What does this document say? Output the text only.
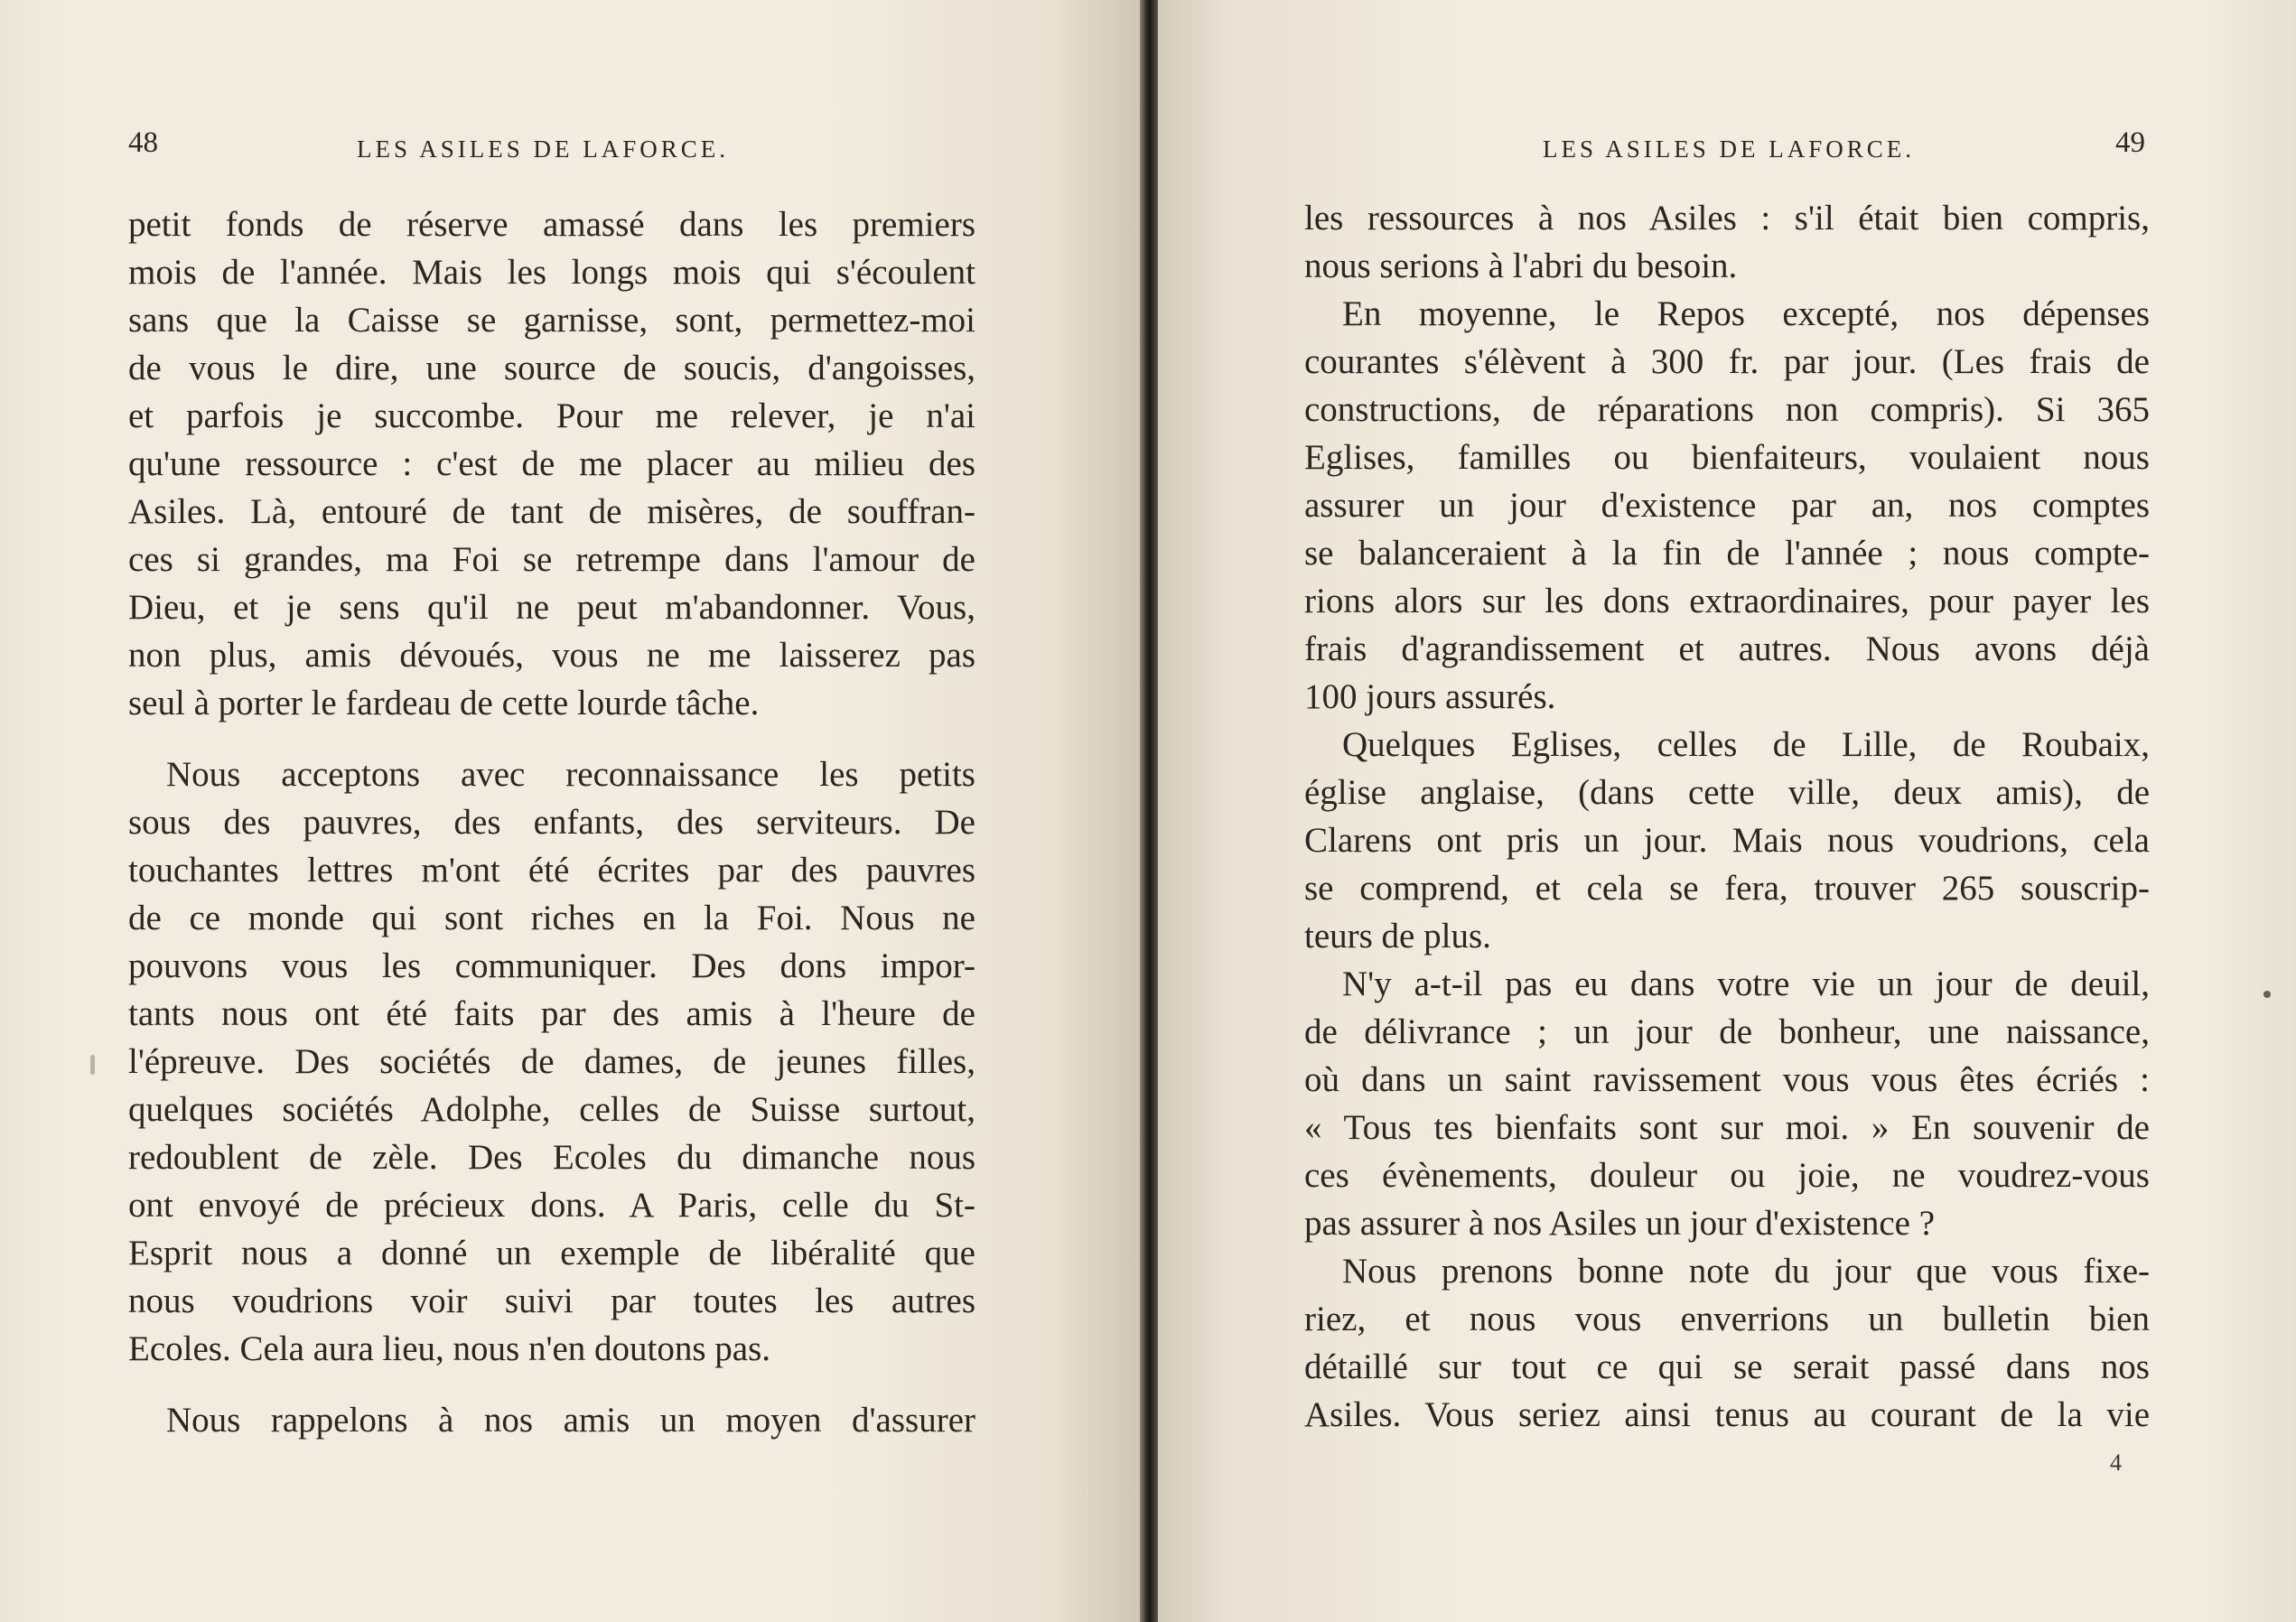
48	LES ASILES DE LAFORCE.

petit fonds de réserve amassé dans les premiers
mois de l'année. Mais les longs mois qui s'écoulent
sans que la Caisse se garnisse, sont, permettez-moi
de vous le dire, une source de soucis, d'angoisses,
et parfois je succombe. Pour me relever, je n'ai
qu'une ressource : c'est de me placer au milieu des
Asiles. Là, entouré de tant de misères, de souffran-
ces si grandes, ma Foi se retrempe dans l'amour de
Dieu, et je sens qu'il ne peut m'abandonner. Vous,
non plus, amis dévoués, vous ne me laisserez pas
seul à porter le fardeau de cette lourde tâche.

Nous acceptons avec reconnaissance les petits
sous des pauvres, des enfants, des serviteurs. De
touchantes lettres m'ont été écrites par des pauvres
de ce monde qui sont riches en la Foi. Nous ne
pouvons vous les communiquer. Des dons impor-
tants nous ont été faits par des amis à l'heure de
l'épreuve. Des sociétés de dames, de jeunes filles,
quelques sociétés Adolphe, celles de Suisse surtout,
redoublent de zèle. Des Ecoles du dimanche nous
ont envoyé de précieux dons. A Paris, celle du St-
Esprit nous a donné un exemple de libéralité que
nous voudrions voir suivi par toutes les autres
Ecoles. Cela aura lieu, nous n'en doutons pas.

Nous rappelons à nos amis un moyen d'assurer

LES ASILES DE LAFORCE.	49

les ressources à nos Asiles : s'il était bien compris,
nous serions à l'abri du besoin.

En moyenne, le Repos excepté, nos dépenses
courantes s'élèvent à 300 fr. par jour. (Les frais de
constructions, de réparations non compris). Si 365
Eglises, familles ou bienfaiteurs, voulaient nous
assurer un jour d'existence par an, nos comptes
se balanceraient à la fin de l'année ; nous compte-
rions alors sur les dons extraordinaires, pour payer les
frais d'agrandissement et autres. Nous avons déjà
100 jours assurés.

Quelques Eglises, celles de Lille, de Roubaix,
église anglaise, (dans cette ville, deux amis), de
Clarens ont pris un jour. Mais nous voudrions, cela
se comprend, et cela se fera, trouver 265 souscrip-
teurs de plus.

N'y a-t-il pas eu dans votre vie un jour de deuil,
de délivrance ; un jour de bonheur, une naissance,
où dans un saint ravissement vous vous êtes écriés :
« Tous tes bienfaits sont sur moi. » En souvenir de
ces évènements, douleur ou joie, ne voudrez-vous
pas assurer à nos Asiles un jour d'existence ?

Nous prenons bonne note du jour que vous fixe-
riez, et nous vous enverrions un bulletin bien
détaillé sur tout ce qui se serait passé dans nos
Asiles. Vous seriez ainsi tenus au courant de la vie

4
